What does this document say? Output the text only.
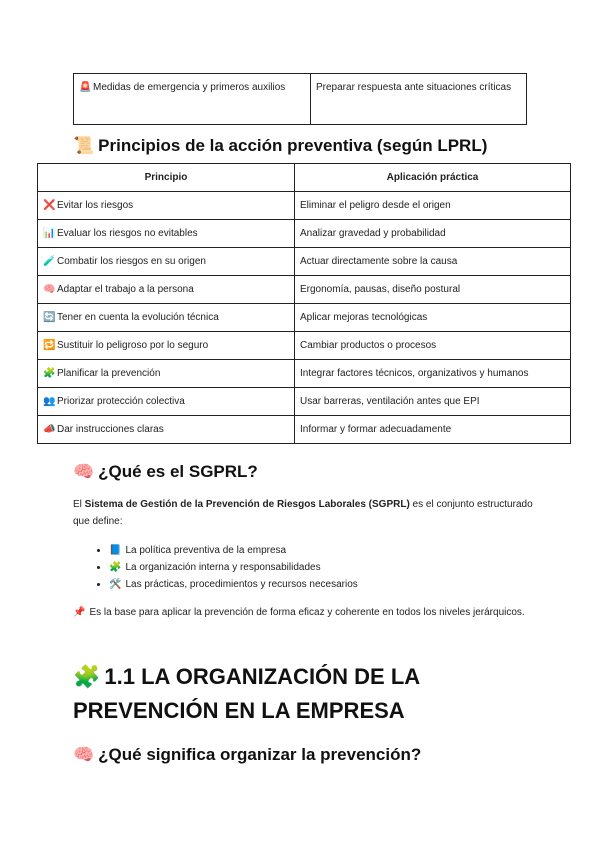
🚨 Medidas de emergencia y primeros auxilios	Preparar respuesta ante situaciones críticas
📜 Principios de la acción preventiva (según LPRL)
Principio	Aplicación práctica
❌ Evitar los riesgos	Eliminar el peligro desde el origen
📊 Evaluar los riesgos no evitables	Analizar gravedad y probabilidad
🧪 Combatir los riesgos en su origen	Actuar directamente sobre la causa
🧠 Adaptar el trabajo a la persona	Ergonomía, pausas, diseño postural
🔄 Tener en cuenta la evolución técnica	Aplicar mejoras tecnológicas
🔁 Sustituir lo peligroso por lo seguro	Cambiar productos o procesos
🧩 Planificar la prevención	Integrar factores técnicos, organizativos y humanos
👥 Priorizar protección colectiva	Usar barreras, ventilación antes que EPI
📣 Dar instrucciones claras	Informar y formar adecuadamente
🧠 ¿Qué es el SGPRL?

El Sistema de Gestión de la Prevención de Riesgos Laborales (SGPRL) es el conjunto estructurado que define:

• 📘 La política preventiva de la empresa
• 🧩 La organización interna y responsabilidades
• 🛠️ Las prácticas, procedimientos y recursos necesarios

📌 Es la base para aplicar la prevención de forma eficaz y coherente en todos los niveles jerárquicos.

🧩 1.1 LA ORGANIZACIÓN DE LA PREVENCIÓN EN LA EMPRESA
🧠 ¿Qué significa organizar la prevención?
